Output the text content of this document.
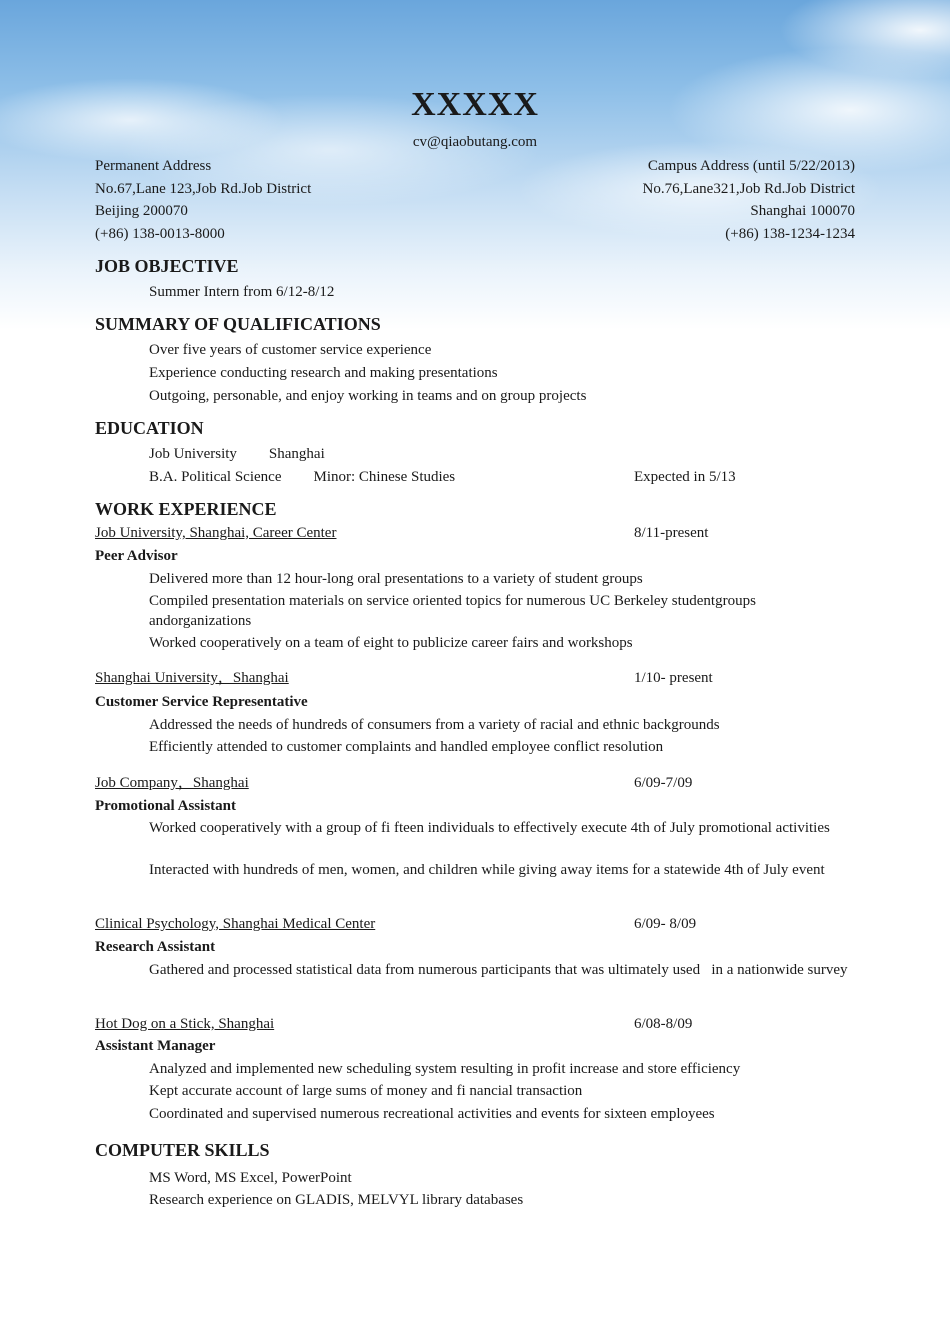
XXXXX
cv@qiaobutang.com
Permanent Address
No.67,Lane 123,Job Rd.Job District
Beijing 200070
(+86) 138-0013-8000
Campus Address (until 5/22/2013)
No.76,Lane321,Job Rd.Job District
Shanghai 100070
(+86) 138-1234-1234
JOB OBJECTIVE
Summer Intern from 6/12-8/12
SUMMARY OF QUALIFICATIONS
Over five years of customer service experience
Experience conducting research and making presentations
Outgoing, personable, and enjoy working in teams and on group projects
EDUCATION
Job University Shanghai
B.A. Political Science Minor: Chinese Studies	Expected in 5/13
WORK EXPERIENCE
Job University, Shanghai, Career Center	8/11-present
Peer Advisor
Delivered more than 12 hour-long oral presentations to a variety of student groups
Compiled presentation materials on service oriented topics for numerous UC Berkeley studentgroups andorganizations
Worked cooperatively on a team of eight to publicize career fairs and workshops
Shanghai University，Shanghai	1/10- present
Customer Service Representative
Addressed the needs of hundreds of consumers from a variety of racial and ethnic backgrounds
Efficiently attended to customer complaints and handled employee conflict resolution
Job Company，Shanghai	6/09-7/09
Promotional Assistant
Worked cooperatively with a group of fi fteen individuals to effectively execute 4th of July promotional activities
Interacted with hundreds of men, women, and children while giving away items for a statewide 4th of July event
Clinical Psychology, Shanghai Medical Center	6/09- 8/09
Research Assistant
Gathered and processed statistical data from numerous participants that was ultimately used   in a nationwide survey
Hot Dog on a Stick, Shanghai	6/08-8/09
Assistant Manager
Analyzed and implemented new scheduling system resulting in profit increase and store efficiency
Kept accurate account of large sums of money and fi nancial transaction
Coordinated and supervised numerous recreational activities and events for sixteen employees
COMPUTER SKILLS
MS Word, MS Excel, PowerPoint
Research experience on GLADIS, MELVYL library databases
